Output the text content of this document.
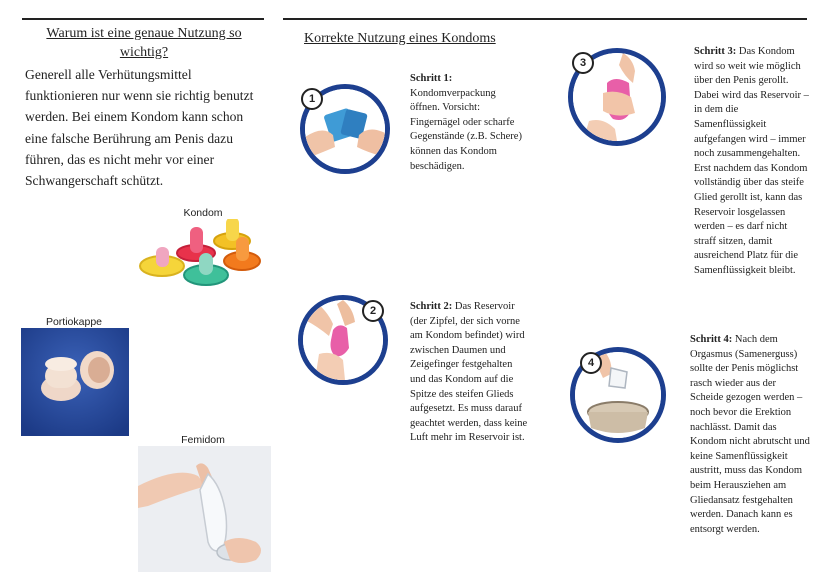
Warum ist eine genaue Nutzung so wichtig?
Generell alle Verhütungsmittel funktionieren nur wenn sie richtig benutzt werden. Bei einem Kondom kann schon eine falsche Berührung am Penis dazu führen, das es nicht mehr vor einer Schwangerschaft schützt.
Kondom
Portiokappe
Femidom
Korrekte Nutzung eines Kondoms
1
Schritt 1:
Kondomverpackung öffnen. Vorsicht: Fingernägel oder scharfe Gegenstände (z.B. Schere) können das Kondom beschädigen.
2	Schritt 2: Das Reservoir (der Zipfel, der sich vorne am Kondom befindet) wird zwischen Daumen und Zeigefinger festgehalten und das Kondom auf die Spitze des steifen Glieds aufgesetzt. Es muss darauf geachtet werden, dass keine Luft mehr im Reservoir ist.
3
Schritt 3: Das Kondom wird so weit wie möglich über den Penis gerollt. Dabei wird das Reservoir – in dem die Samenflüssigkeit aufgefangen wird – immer noch zusammengehalten. Erst nachdem das Kondom vollständig über das steife Glied gerollt ist, kann das Reservoir losgelassen werden – es darf nicht straff sitzen, damit ausreichend Platz für die Samenflüssigkeit bleibt.
4
Schritt 4: Nach dem Orgasmus (Samenerguss) sollte der Penis möglichst rasch wieder aus der Scheide gezogen werden – noch bevor die Erektion nachlässt. Damit das Kondom nicht abrutscht und keine Samenflüssigkeit austritt, muss das Kondom beim Herausziehen am Gliedansatz festgehalten werden. Danach kann es entsorgt werden.
